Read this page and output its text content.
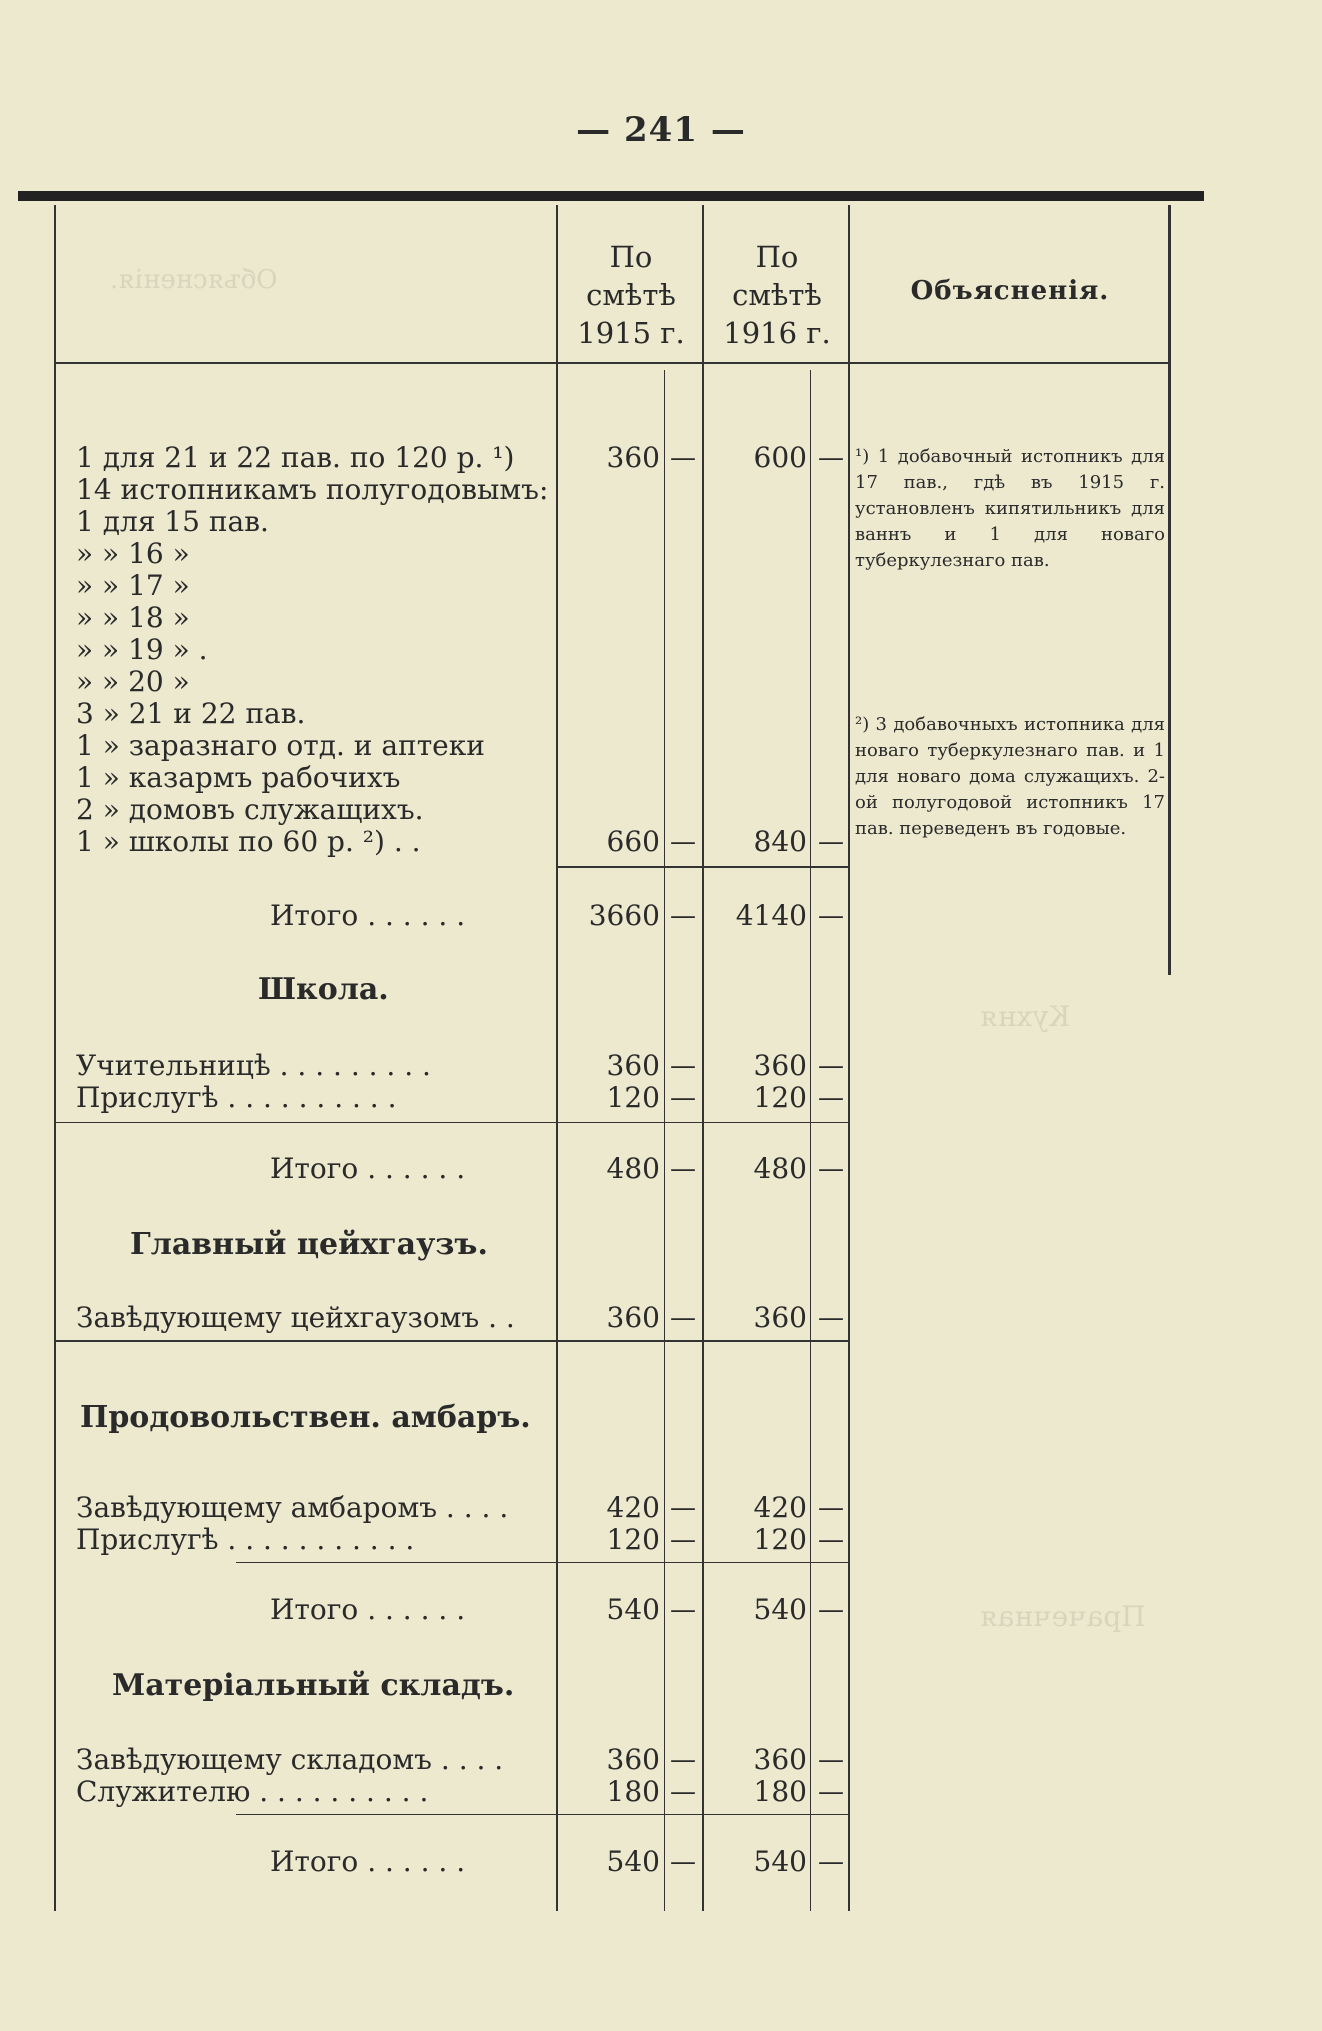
Объясненія.
Кухня
Прачечная
— 241 —
По смѣтѣ 1915 г.
По смѣтѣ 1916 г.
Объясненія.
1 для 21 и 22 пав. по 120 р. ¹)	360 —	600 —
14 истопникамъ полугодовымъ:
1 для 15 пав.
» » 16 »
» » 17 »
» » 18 »
» » 19 » .
» » 20 »
3 » 21 и 22 пав.
1 » заразнаго отд. и аптеки
1 » казармъ рабочихъ
2 » домовъ служащихъ.
1 » школы по 60 р. ²) . .	660 —	840 —
Итого . . . . . .	3660 —	4140 —
Школа.
Учительницѣ . . . . . . . . .	360 —	360 —
Прислугѣ . . . . . . . . . .	120 —	120 —
Итого . . . . . .	480 —	480 —
Главный цейхгаузъ.
Завѣдующему цейхгаузомъ . .	360 —	360 —
Продовольствен. амбаръ.
Завѣдующему амбаромъ . . . .	420 —	420 —
Прислугѣ . . . . . . . . . . .	120 —	120 —
Итого . . . . . .	540 —	540 —
Матеріальный складъ.
Завѣдующему складомъ . . . .	360 —	360 —
Служителю . . . . . . . . . .	180 —	180 —
Итого . . . . . .	540 —	540 —
¹) 1 добавочный истопникъ для 17 пав., гдѣ въ 1915 г. установленъ кипятильникъ для ваннъ и 1 для новаго туберкулезнаго пав.
²) 3 добавочныхъ истопника для новаго туберкулезнаго пав. и 1 для новаго дома служащихъ. 2-ой полугодовой истопникъ 17 пав. переведенъ въ годовые.
